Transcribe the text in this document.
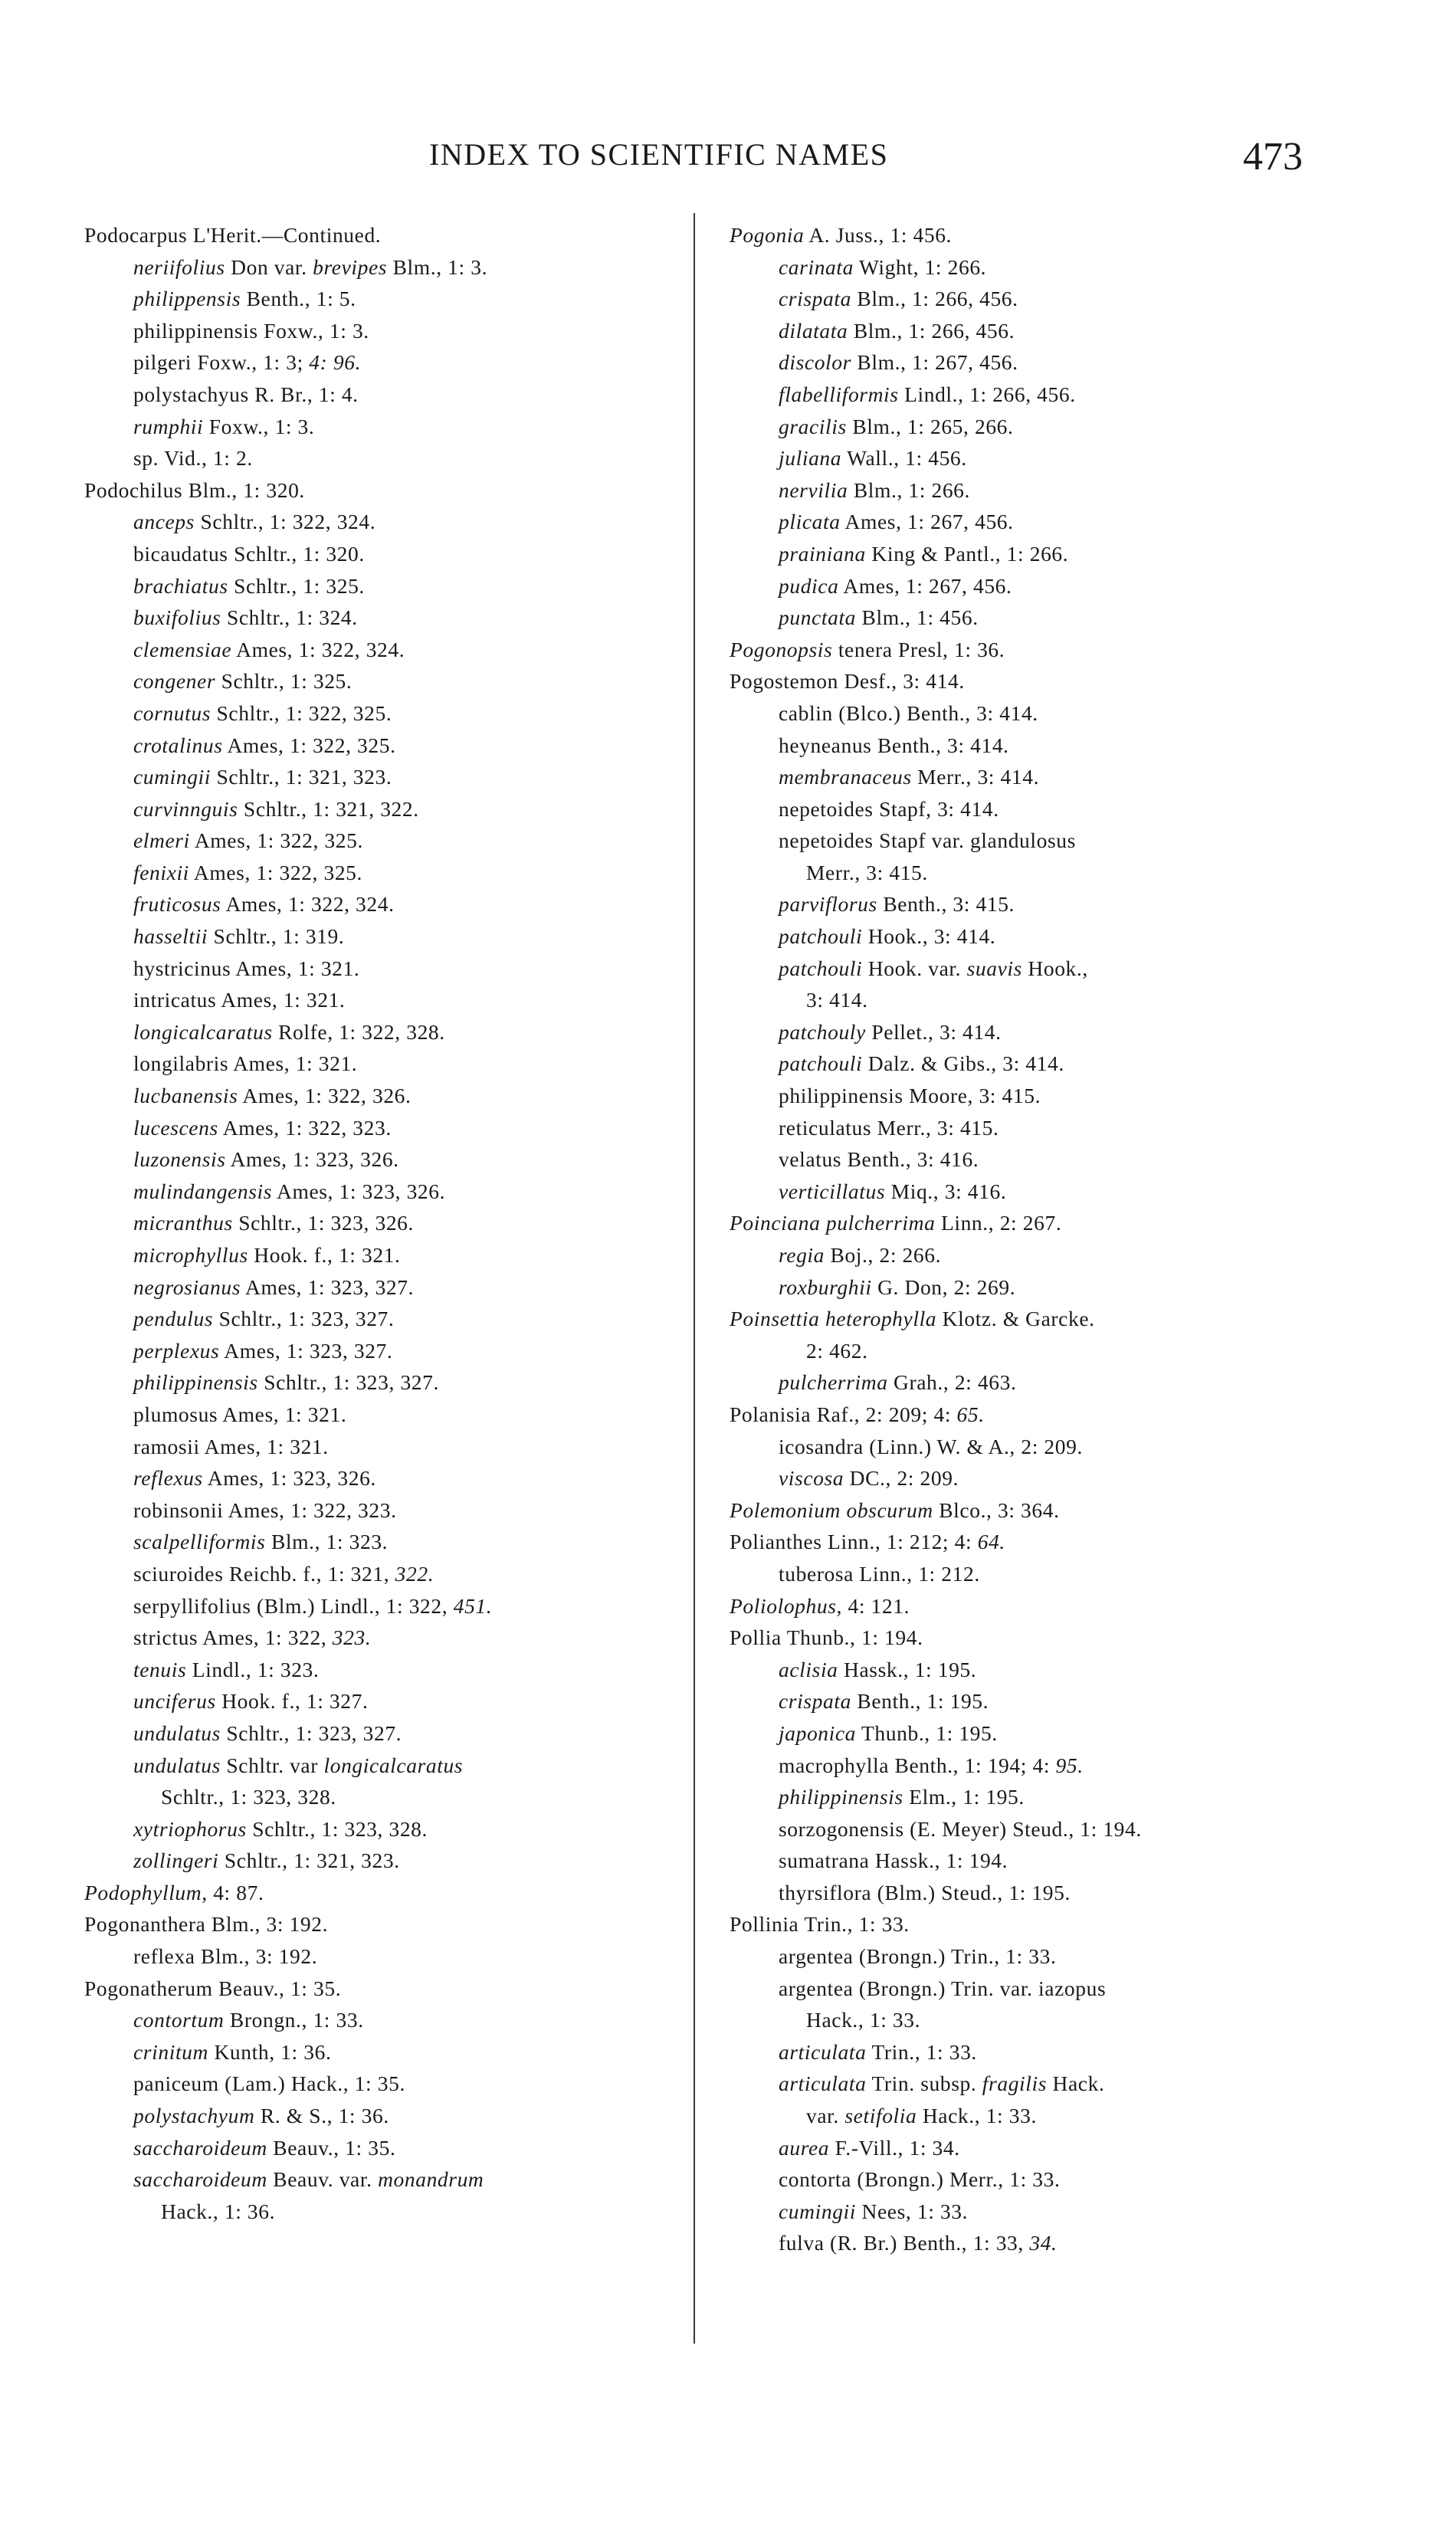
INDEX TO SCIENTIFIC NAMES	473
Podocarpus L'Herit.—Continued.
neriifolius Don var. brevipes Blm., 1: 3.
philippensis Benth., 1: 5.
philippinensis Foxw., 1: 3.
pilgeri Foxw., 1: 3; 4: 96.
polystachyus R. Br., 1: 4.
rumphii Foxw., 1: 3.
sp. Vid., 1: 2.
Podochilus Blm., 1: 320.
anceps Schltr., 1: 322, 324.
bicaudatus Schltr., 1: 320.
brachiatus Schltr., 1: 325.
buxifolius Schltr., 1: 324.
clemensiae Ames, 1: 322, 324.
congener Schltr., 1: 325.
cornutus Schltr., 1: 322, 325.
crotalinus Ames, 1: 322, 325.
cumingii Schltr., 1: 321, 323.
curvinnguis Schltr., 1: 321, 322.
elmeri Ames, 1: 322, 325.
fenixii Ames, 1: 322, 325.
fruticosus Ames, 1: 322, 324.
hasseltii Schltr., 1: 319.
hystricinus Ames, 1: 321.
intricatus Ames, 1: 321.
longicalcaratus Rolfe, 1: 322, 328.
longilabris Ames, 1: 321.
lucbanensis Ames, 1: 322, 326.
lucescens Ames, 1: 322, 323.
luzonensis Ames, 1: 323, 326.
mulindangensis Ames, 1: 323, 326.
micranthus Schltr., 1: 323, 326.
microphyllus Hook. f., 1: 321.
negrosianus Ames, 1: 323, 327.
pendulus Schltr., 1: 323, 327.
perplexus Ames, 1: 323, 327.
philippinensis Schltr., 1: 323, 327.
plumosus Ames, 1: 321.
ramosii Ames, 1: 321.
reflexus Ames, 1: 323, 326.
robinsonii Ames, 1: 322, 323.
scalpelliformis Blm., 1: 323.
sciuroides Reichb. f., 1: 321, 322.
serpyllifolius (Blm.) Lindl., 1: 322, 451.
strictus Ames, 1: 322, 323.
tenuis Lindl., 1: 323.
unciferus Hook. f., 1: 327.
undulatus Schltr., 1: 323, 327.
undulatus Schltr. var longicalcaratus
Schltr., 1: 323, 328.
xytriophorus Schltr., 1: 323, 328.
zollingeri Schltr., 1: 321, 323.
Podophyllum, 4: 87.
Pogonanthera Blm., 3: 192.
reflexa Blm., 3: 192.
Pogonatherum Beauv., 1: 35.
contortum Brongn., 1: 33.
crinitum Kunth, 1: 36.
paniceum (Lam.) Hack., 1: 35.
polystachyum R. & S., 1: 36.
saccharoideum Beauv., 1: 35.
saccharoideum Beauv. var. monandrum
Hack., 1: 36.
Pogonia A. Juss., 1: 456.
carinata Wight, 1: 266.
crispata Blm., 1: 266, 456.
dilatata Blm., 1: 266, 456.
discolor Blm., 1: 267, 456.
flabelliformis Lindl., 1: 266, 456.
gracilis Blm., 1: 265, 266.
juliana Wall., 1: 456.
nervilia Blm., 1: 266.
plicata Ames, 1: 267, 456.
prainiana King & Pantl., 1: 266.
pudica Ames, 1: 267, 456.
punctata Blm., 1: 456.
Pogonopsis tenera Presl, 1: 36.
Pogostemon Desf., 3: 414.
cablin (Blco.) Benth., 3: 414.
heyneanus Benth., 3: 414.
membranaceus Merr., 3: 414.
nepetoides Stapf, 3: 414.
nepetoides Stapf var. glandulosus
Merr., 3: 415.
parviflorus Benth., 3: 415.
patchouli Hook., 3: 414.
patchouli Hook. var. suavis Hook.,
3: 414.
patchouly Pellet., 3: 414.
patchouli Dalz. & Gibs., 3: 414.
philippinensis Moore, 3: 415.
reticulatus Merr., 3: 415.
velatus Benth., 3: 416.
verticillatus Miq., 3: 416.
Poinciana pulcherrima Linn., 2: 267.
regia Boj., 2: 266.
roxburghii G. Don, 2: 269.
Poinsettia heterophylla Klotz. & Garcke.
2: 462.
pulcherrima Grah., 2: 463.
Polanisia Raf., 2: 209; 4: 65.
icosandra (Linn.) W. & A., 2: 209.
viscosa DC., 2: 209.
Polemonium obscurum Blco., 3: 364.
Polianthes Linn., 1: 212; 4: 64.
tuberosa Linn., 1: 212.
Poliolophus, 4: 121.
Pollia Thunb., 1: 194.
aclisia Hassk., 1: 195.
crispata Benth., 1: 195.
japonica Thunb., 1: 195.
macrophylla Benth., 1: 194; 4: 95.
philippinensis Elm., 1: 195.
sorzogonensis (E. Meyer) Steud., 1: 194.
sumatrana Hassk., 1: 194.
thyrsiflora (Blm.) Steud., 1: 195.
Pollinia Trin., 1: 33.
argentea (Brongn.) Trin., 1: 33.
argentea (Brongn.) Trin. var. iazopus
Hack., 1: 33.
articulata Trin., 1: 33.
articulata Trin. subsp. fragilis Hack.
var. setifolia Hack., 1: 33.
aurea F.-Vill., 1: 34.
contorta (Brongn.) Merr., 1: 33.
cumingii Nees, 1: 33.
fulva (R. Br.) Benth., 1: 33, 34.
